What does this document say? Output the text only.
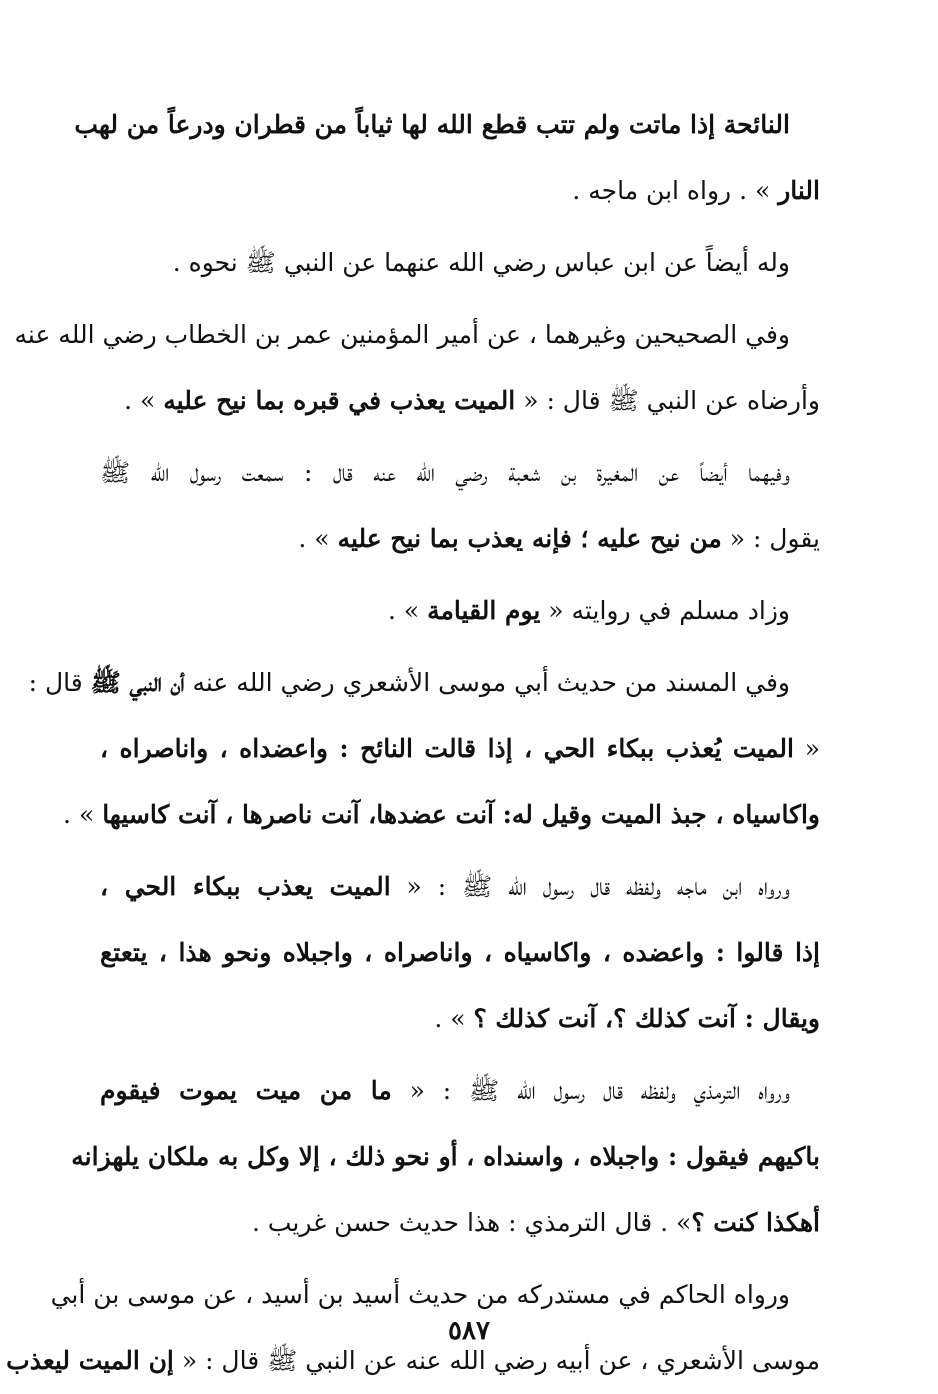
النائحة إذا ماتت ولم تتب قطع الله لها ثياباً من قطران ودرعاً من لهب
النار » . رواه ابن ماجه .
وله أيضاً عن ابن عباس رضي الله عنهما عن النبي ﷺ نحوه .
وفي الصحيحين وغيرهما ، عن أمير المؤمنين عمر بن الخطاب رضي الله عنه
وأرضاه عن النبي ﷺ قال : « الميت يعذب في قبره بما نيح عليه » .
وفيهما أيضاً عن المغيرة بن شعبة رضي الله عنه قال : سمعت رسول الله ﷺ
يقول : « من نيح عليه ؛ فإنه يعذب بما نيح عليه » .
وزاد مسلم في روايته « يوم القيامة » .
وفي المسند من حديث أبي موسى الأشعري رضي الله عنه أن النبي ﷺ قال :
« الميت يُعذب ببكاء الحي ، إذا قالت النائح : واعضداه ، واناصراه ،
واكاسياه ، جبذ الميت وقيل له: آنت عضدها، آنت ناصرها ، آنت كاسيها » .
ورواه ابن ماجه ولفظه قال رسول الله ﷺ : « الميت يعذب ببكاء الحي ،
إذا قالوا : واعضده ، واكاسياه ، واناصراه ، واجبلاه ونحو هذا ، يتعتع
ويقال : آنت كذلك ؟، آنت كذلك ؟ » .
ورواه الترمذي ولفظه قال رسول الله ﷺ : « ما من ميت يموت فيقوم
باكيهم فيقول : واجبلاه ، واسنداه ، أو نحو ذلك ، إلا وكل به ملكان يلهزانه
أهكذا كنت ؟» . قال الترمذي : هذا حديث حسن غريب .
ورواه الحاكم في مستدركه من حديث أسيد بن أسيد ، عن موسى بن أبي
موسى الأشعري ، عن أبيه رضي الله عنه عن النبي ﷺ قال : « إن الميت ليعذب
٥٨٧
